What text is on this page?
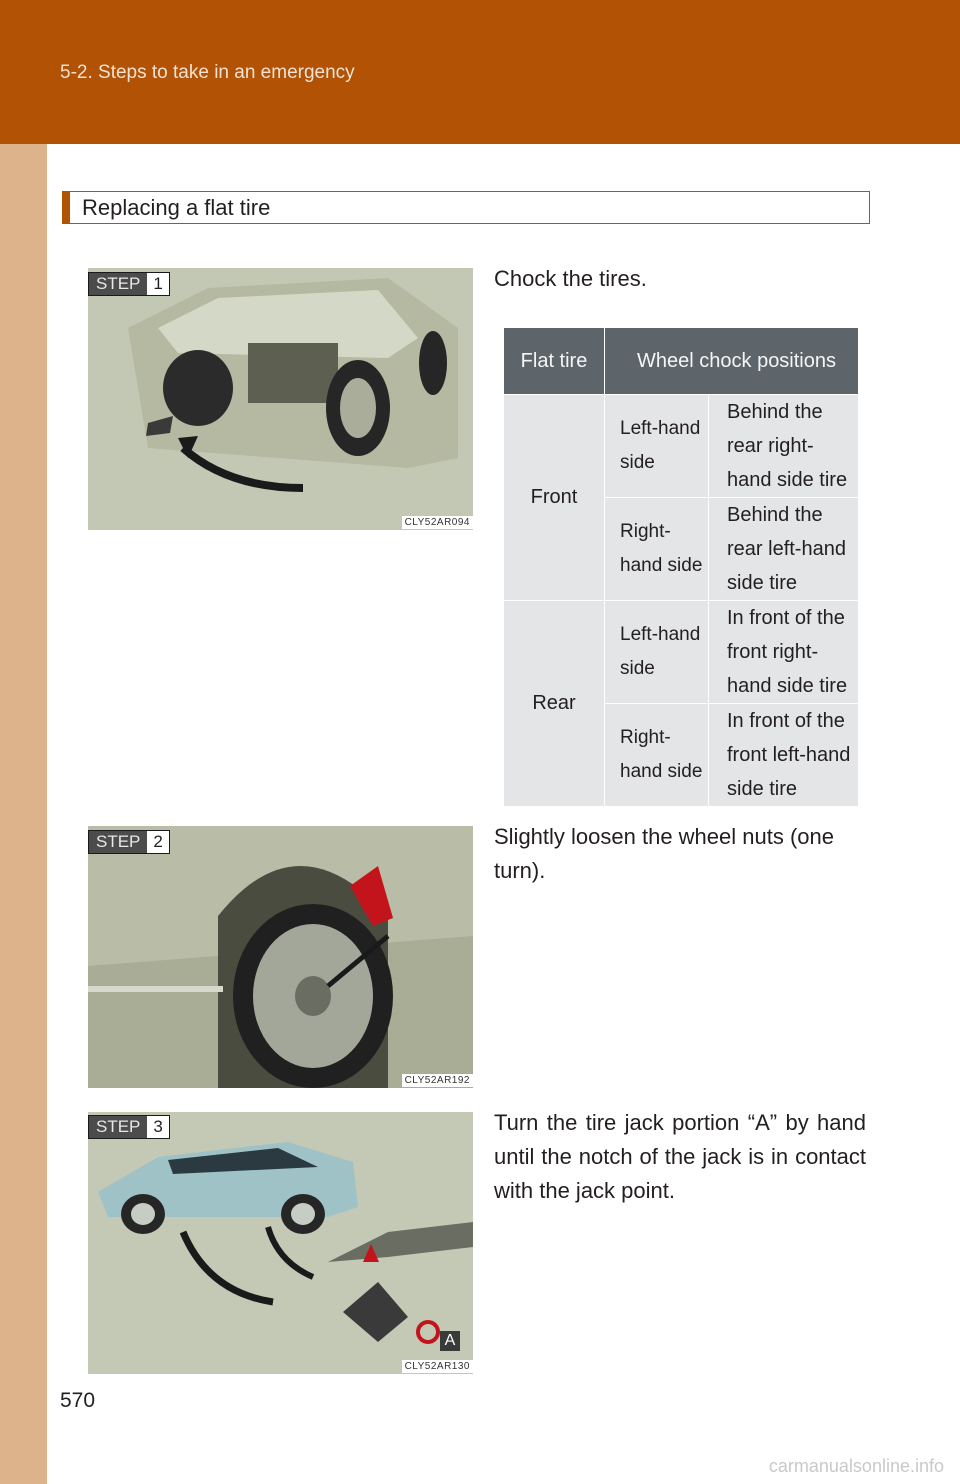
5-2. Steps to take in an emergency
Replacing a flat tire
CLY52AR094
STEP 1	Chock the tires.
Flat tire	Wheel chock positions	
Front	Left-hand side	Behind the rear right-hand side tire
	Right-hand side	Behind the rear left-hand side tire
Rear	Left-hand side	In front of the front right-hand side tire
	Right-hand side	In front of the front left-hand side tire
CLY52AR192
STEP 2	Slightly loosen the wheel nuts (one turn).
A
CLY52AR130
STEP 3	Turn the tire jack portion “A” by hand until the notch of the jack is in contact with the jack point.
570
carmanualsonline.info
